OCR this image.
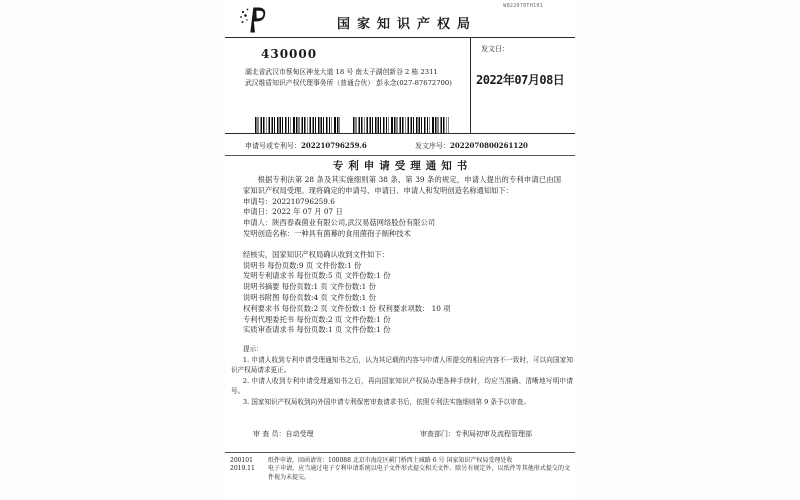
国家知识产权局
W022070TH101
430000
湖北省武汉市蔡甸区神龙大道 18 号 南太子湖创新谷 2 栋 2311
武汉维盾知识产权代理事务所（普通合伙） 彭永念(027-87672700)
发文日：
2022年07月08日
申请号或专利号：202210796259.6	发文序号：2022070800261120
专利申请受理通知书

根据专利法第 28 条及其实施细则第 38 条、第 39 条的规定，申请人提出的专利申请已由国家知识产权局受理。现将确定的申请号、申请日、申请人和发明创造名称通知如下：

申请号：202210796259.6
申请日：2022 年 07 月 07 日
申请人：陕西春森菌业有限公司,武汉易菇网络股份有限公司
发明创造名称：一种具有菌幕的食用菌孢子制种技术
经核实，国家知识产权局确认收到文件如下：
说明书 每份页数:9 页 文件份数:1 份
发明专利请求书 每份页数:5 页 文件份数:1 份
说明书摘要 每份页数:1 页 文件份数:1 份
说明书附图 每份页数:4 页 文件份数:1 份
权利要求书 每份页数:2 页 文件份数:1 份 权利要求项数： 10 项
专利代理委托书 每份页数:2 页 文件份数:1 份
实质审查请求书 每份页数:1 页 文件份数:1 份
提示：
1. 申请人收到专利申请受理通知书之后，认为其记载的内容与申请人所提交的相应内容不一致时，可以向国家知识产权局请求更正。
2. 申请人收到专利申请受理通知书之后，再向国家知识产权局办理各种手续时，均应当准确、清晰地写明申请号。
3. 国家知识产权局收到向外国申请专利保密审查请求书后，依照专利法实施细则第 9 条予以审查。
审 查 员：自动受理	审查部门：专利局初审及流程管理部
200101
2019.11
纸件申请，回函请寄：100088 北京市海淀区蓟门桥西土城路 6 号 国家知识产权局受理处收
电子申请，应当通过电子专利申请系统以电子文件形式提交相关文件。除另有规定外，以纸件等其他形式提交的文件视为未提交。
